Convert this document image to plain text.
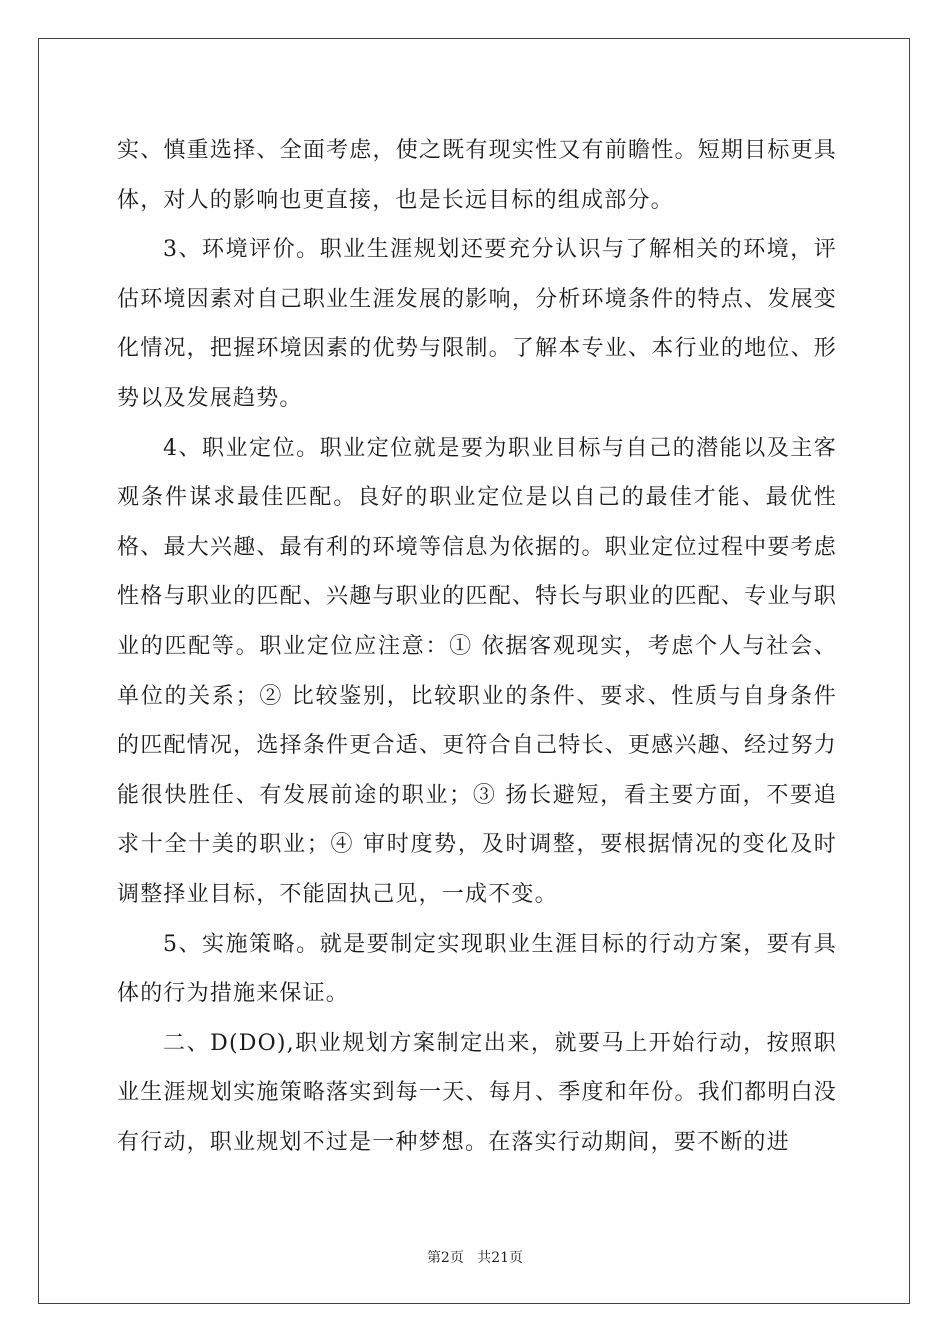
实、慎重选择、全面考虑，使之既有现实性又有前瞻性。短期目标更具体，对人的影响也更直接，也是长远目标的组成部分。

3、环境评价。职业生涯规划还要充分认识与了解相关的环境，评估环境因素对自己职业生涯发展的影响，分析环境条件的特点、发展变化情况，把握环境因素的优势与限制。了解本专业、本行业的地位、形势以及发展趋势。

4、职业定位。职业定位就是要为职业目标与自己的潜能以及主客观条件谋求最佳匹配。良好的职业定位是以自己的最佳才能、最优性格、最大兴趣、最有利的环境等信息为依据的。职业定位过程中要考虑性格与职业的匹配、兴趣与职业的匹配、特长与职业的匹配、专业与职业的匹配等。职业定位应注意：① 依据客观现实，考虑个人与社会、单位的关系；② 比较鉴别，比较职业的条件、要求、性质与自身条件的匹配情况，选择条件更合适、更符合自己特长、更感兴趣、经过努力能很快胜任、有发展前途的职业；③ 扬长避短，看主要方面，不要追求十全十美的职业；④ 审时度势，及时调整，要根据情况的变化及时调整择业目标，不能固执己见，一成不变。

5、实施策略。就是要制定实现职业生涯目标的行动方案，要有具体的行为措施来保证。

二、D(DO),职业规划方案制定出来，就要马上开始行动，按照职业生涯规划实施策略落实到每一天、每月、季度和年份。我们都明白没有行动，职业规划不过是一种梦想。在落实行动期间，要不断的进

第2页 共21页
